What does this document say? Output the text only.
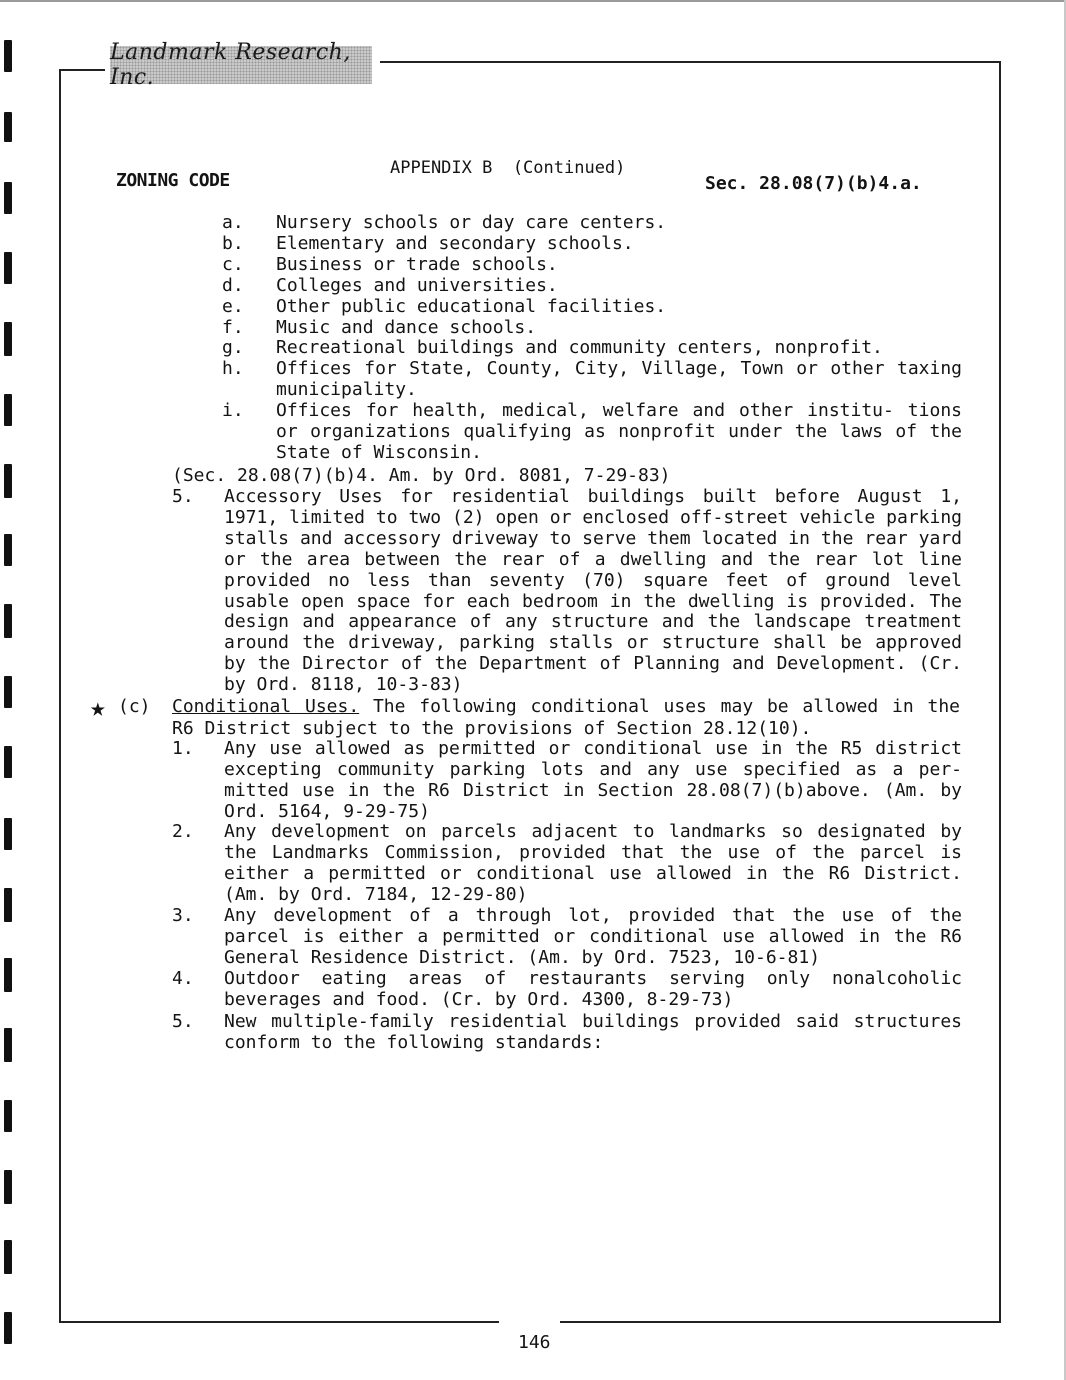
Landmark Research, Inc.
ZONING CODE
APPENDIX B  (Continued)
Sec. 28.08(7)(b)4.a.
a.	Nursery schools or day care centers.
b.	Elementary and secondary schools.
c.	Business or trade schools.
d.	Colleges and universities.
e.	Other public educational facilities.
f.	Music and dance schools.
g.	Recreational buildings and community centers, nonprofit.
h.	Offices for State, County, City, Village, Town or other taxing
municipality.
i.	Offices for health, medical, welfare and other institu- tions
or organizations qualifying as nonprofit under the laws of the
State of Wisconsin.
(Sec. 28.08(7)(b)4. Am. by Ord. 8081, 7-29-83)
5.	Accessory Uses for residential buildings built before August 1,
1971, limited to two (2) open or enclosed off-street vehicle parking
stalls and accessory driveway to serve them located in the rear yard
or the area between the rear of a dwelling and the rear lot line
provided no less than seventy (70) square feet of ground level
usable open space for each bedroom in the dwelling is provided. The
design and appearance of any structure and the landscape treatment
around the driveway, parking stalls or structure shall be approved
by the Director of the Department of Planning and Development. (Cr.
by Ord. 8118, 10-3-83)
★ (c)	Conditional Uses. The following conditional uses may be allowed in the
R6 District subject to the provisions of Section 28.12(10).
1.	Any use allowed as permitted or conditional use in the R5 district
excepting community parking lots and any use specified as a per-
mitted use in the R6 District in Section 28.08(7)(b)above. (Am. by
Ord. 5164, 9-29-75)
2.	Any development on parcels adjacent to landmarks so designated by
the Landmarks Commission, provided that the use of the parcel is
either a permitted or conditional use allowed in the R6 District.
(Am. by Ord. 7184, 12-29-80)
3.	Any development of a through lot, provided that the use of the
parcel is either a permitted or conditional use allowed in the R6
General Residence District. (Am. by Ord. 7523, 10-6-81)
4.	Outdoor eating areas of restaurants serving only nonalcoholic
beverages and food. (Cr. by Ord. 4300, 8-29-73)
5.	New multiple-family residential buildings provided said structures
conform to the following standards:
146
